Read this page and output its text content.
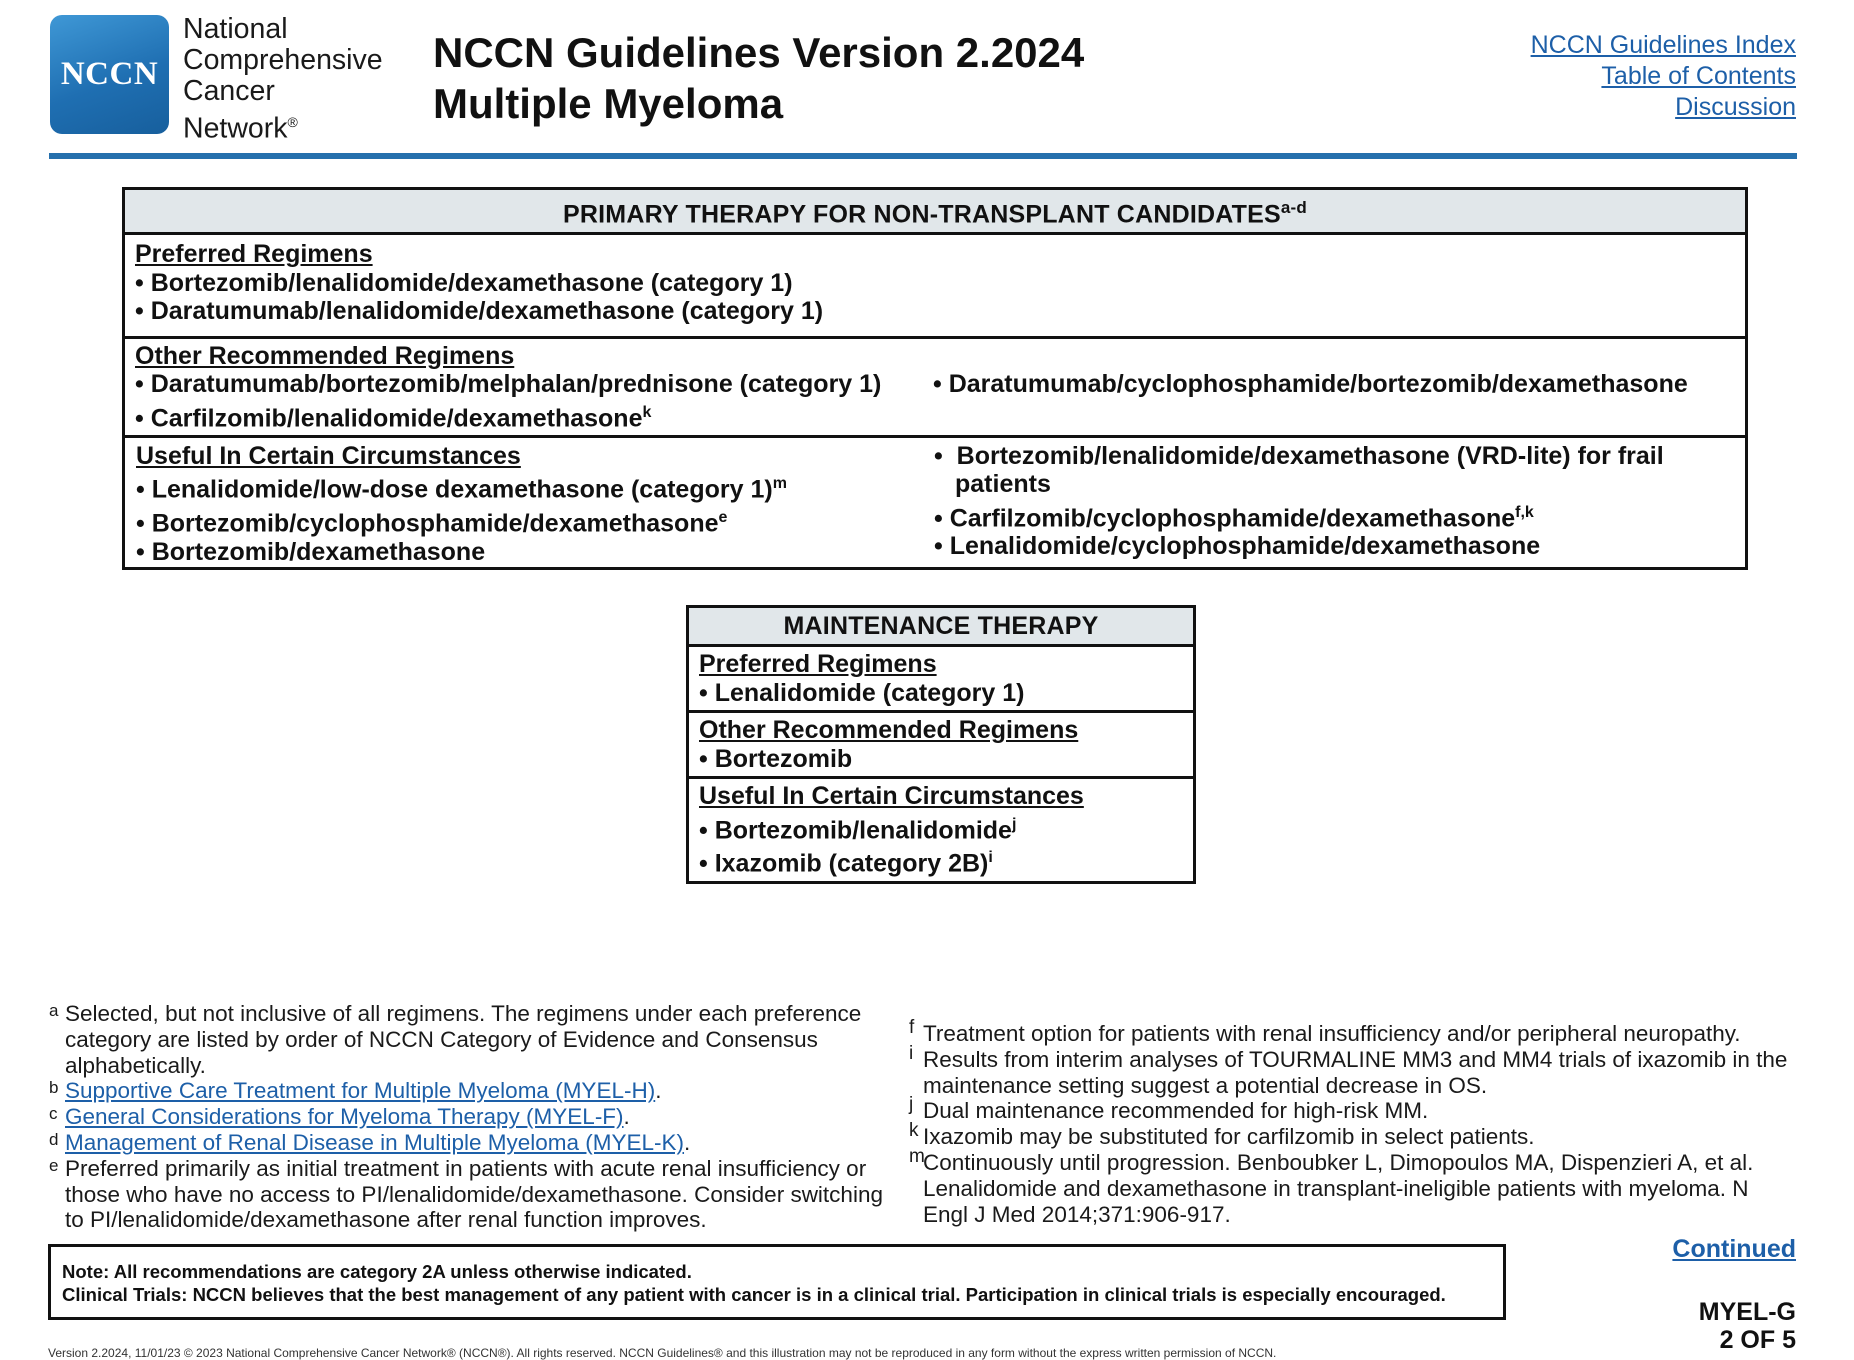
NCCN
National
Comprehensive
Cancer
Network®
NCCN Guidelines Version 2.2024
Multiple Myeloma
NCCN Guidelines Index
Table of Contents
Discussion
PRIMARY THERAPY FOR NON-TRANSPLANT CANDIDATES$^{a-d}$
Preferred Regimens
• Bortezomib/lenalidomide/dexamethasone (category 1)
• Daratumumab/lenalidomide/dexamethasone (category 1)
Other Recommended Regimens
• Daratumumab/bortezomib/melphalan/prednisone (category 1)
• Carfilzomib/lenalidomide/dexamethasone$^k$
• Daratumumab/cyclophosphamide/bortezomib/dexamethasone
Useful In Certain Circumstances
• Lenalidomide/low-dose dexamethasone (category 1)$^m$
• Bortezomib/cyclophosphamide/dexamethasone$^e$
• Bortezomib/dexamethasone
•  Bortezomib/lenalidomide/dexamethasone (VRD-lite) for frail
patients
• Carfilzomib/cyclophosphamide/dexamethasone$^{f,k}$
• Lenalidomide/cyclophosphamide/dexamethasone
MAINTENANCE THERAPY
Preferred Regimens
• Lenalidomide (category 1)
Other Recommended Regimens
• Bortezomib
Useful In Certain Circumstances
• Bortezomib/lenalidomide$^j$
• Ixazomib (category 2B)$^i$
a Selected, but not inclusive of all regimens. The regimens under each preference category are listed by order of NCCN Category of Evidence and Consensus alphabetically.
b Supportive Care Treatment for Multiple Myeloma (MYEL-H).
c General Considerations for Myeloma Therapy (MYEL-F).
d Management of Renal Disease in Multiple Myeloma (MYEL-K).
e Preferred primarily as initial treatment in patients with acute renal insufficiency or those who have no access to PI/lenalidomide/dexamethasone. Consider switching to PI/lenalidomide/dexamethasone after renal function improves.
f Treatment option for patients with renal insufficiency and/or peripheral neuropathy.
i Results from interim analyses of TOURMALINE MM3 and MM4 trials of ixazomib in the maintenance setting suggest a potential decrease in OS.
j Dual maintenance recommended for high-risk MM.
k Ixazomib may be substituted for carfilzomib in select patients.
m
Continuously until progression. Benboubker L, Dimopoulos MA, Dispenzieri A, et al. Lenalidomide and dexamethasone in transplant-ineligible patients with myeloma. N Engl J Med 2014;371:906-917.
Note: All recommendations are category 2A unless otherwise indicated.
Clinical Trials: NCCN believes that the best management of any patient with cancer is in a clinical trial. Participation in clinical trials is especially encouraged.
Continued
MYEL-G
2 OF 5
Version 2.2024, 11/01/23 © 2023 National Comprehensive Cancer Network® (NCCN®). All rights reserved. NCCN Guidelines® and this illustration may not be reproduced in any form without the express written permission of NCCN.
